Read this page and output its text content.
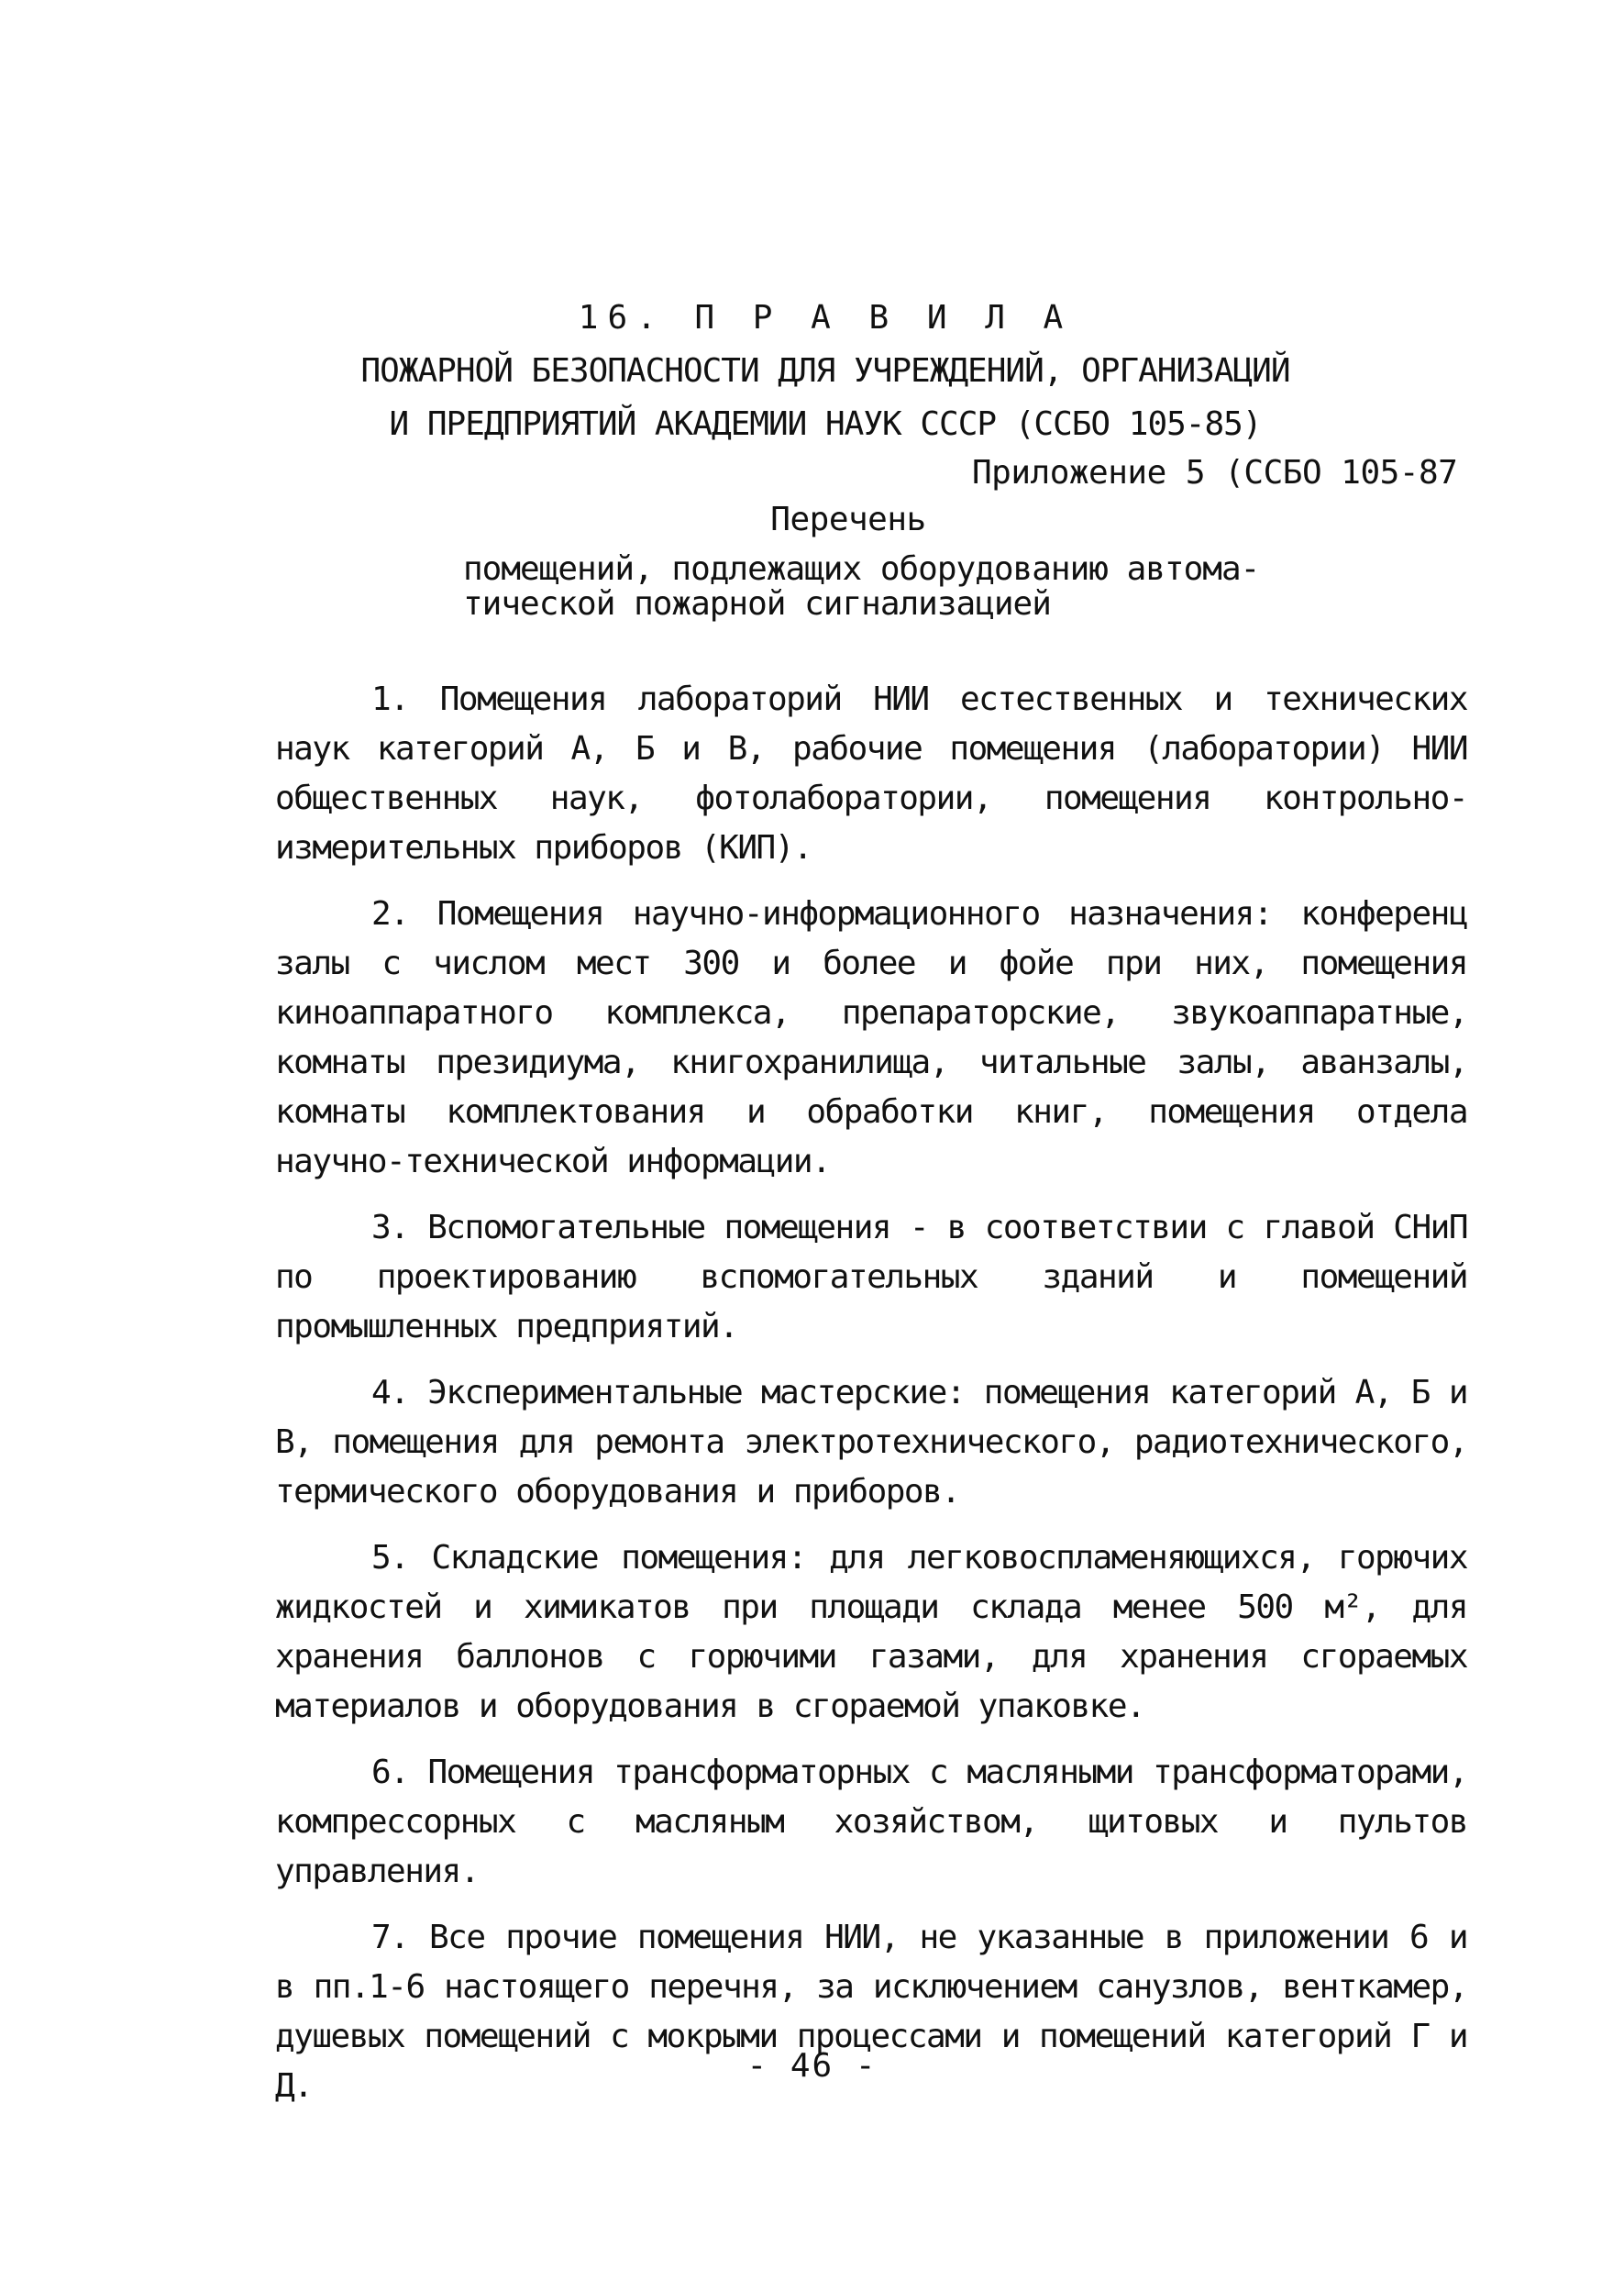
16. П Р А В И Л А
ПОЖАРНОЙ БЕЗОПАСНОСТИ ДЛЯ УЧРЕЖДЕНИЙ, ОРГАНИЗАЦИЙ
И ПРЕДПРИЯТИЙ АКАДЕМИИ НАУК СССР (ССБО 105-85)
Приложение 5 (ССБО 105-87
Перечень
помещений, подлежащих оборудованию автома-
тической пожарной сигнализацией

1. Помещения лабораторий НИИ естественных и технических наук категорий А, Б и В, рабочие помещения (лаборатории) НИИ общественных наук, фотолаборатории, помещения контрольно-измерительных приборов (КИП).

2. Помещения научно-информационного назначения: конференц залы с числом мест 300 и более и фойе при них, помещения киноаппаратного комплекса, препараторские, звукоаппаратные, комнаты президиума, книгохранилища, читальные залы, аванзалы, комнаты комплектования и обработки книг, помещения отдела научно-технической информации.

3. Вспомогательные помещения - в соответствии с главой СНиП по проектированию вспомогательных зданий и помещений промышленных предприятий.

4. Экспериментальные мастерские: помещения категорий А, Б и В, помещения для ремонта электротехнического, радиотехнического, термического оборудования и приборов.

5. Складские помещения: для легковоспламеняющихся, горючих жидкостей и химикатов при площади склада менее 500 м², для хранения баллонов с горючими газами, для хранения сгораемых материалов и оборудования в сгораемой упаковке.

6. Помещения трансформаторных с масляными трансформаторами, компрессорных с масляным хозяйством, щитовых и пультов управления.

7. Все прочие помещения НИИ, не указанные в приложении 6 и в пп.1-6 настоящего перечня, за исключением санузлов, венткамер, душевых помещений с мокрыми процессами и помещений категорий Г и Д.

- 46 -
